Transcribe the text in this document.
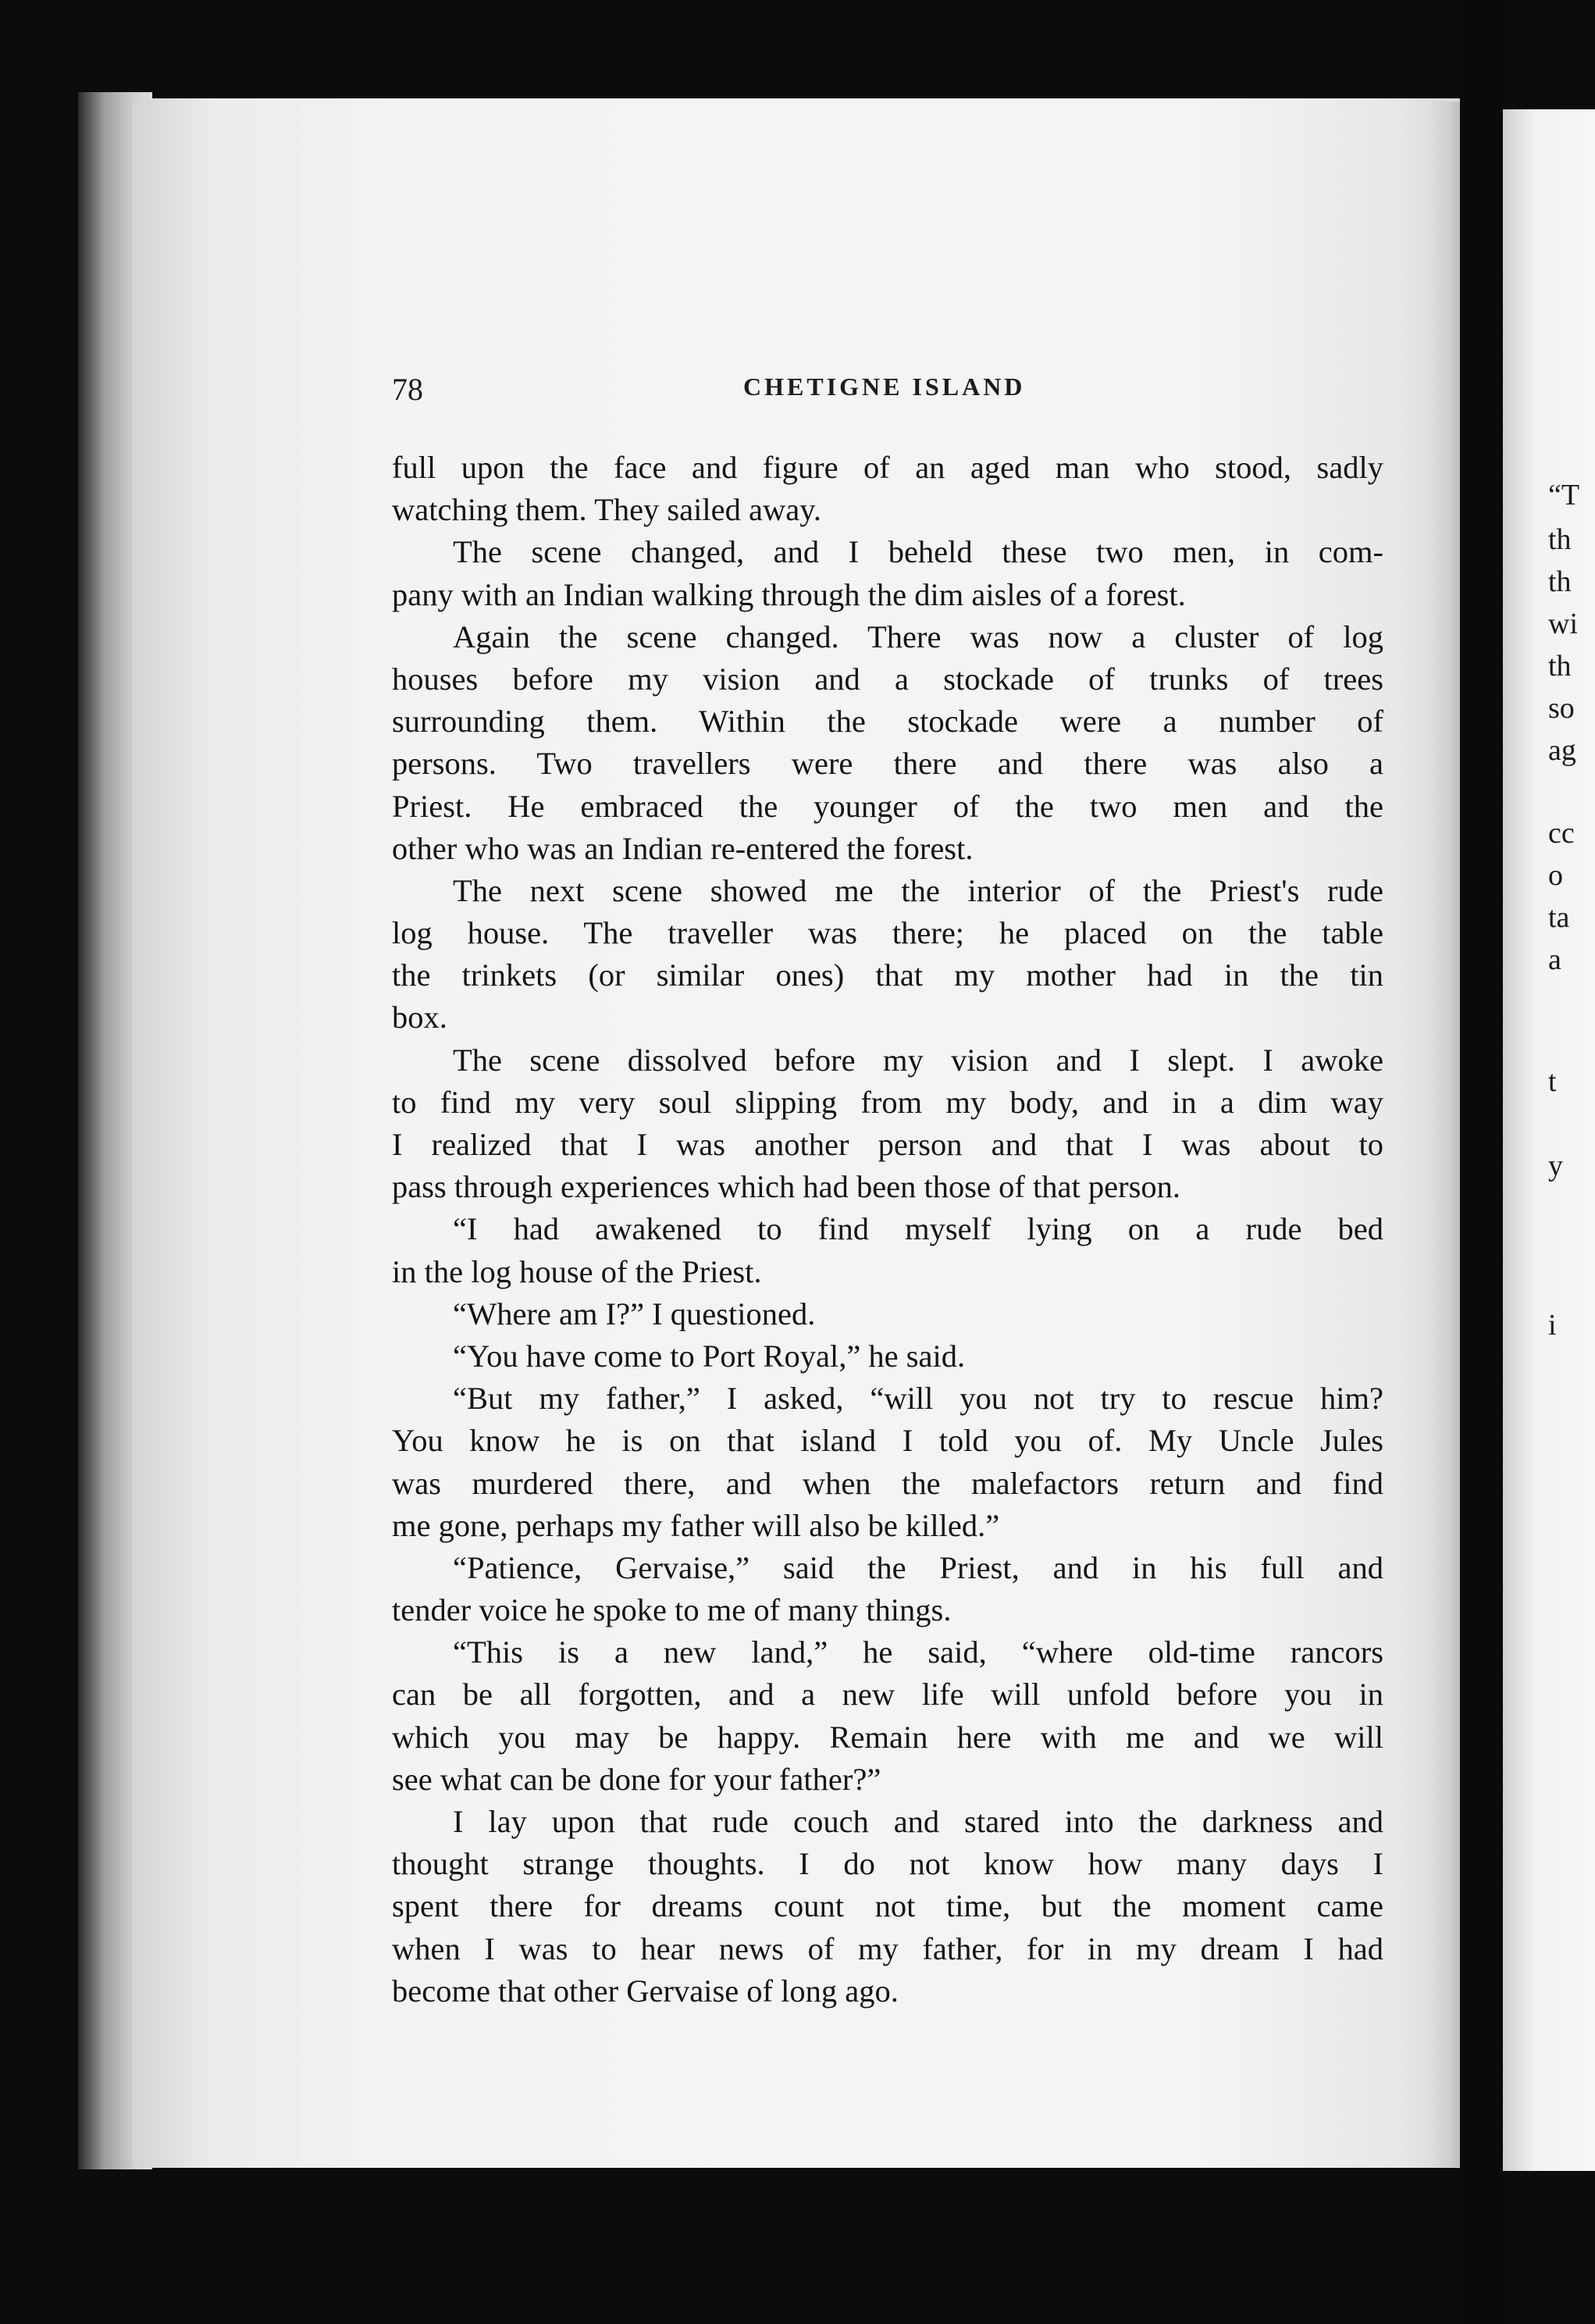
“T
th
th
wi
th
so
ag
cc
o
ta
a
t
y
i
78	CHETIGNE ISLAND
full upon the face and figure of an aged man who stood, sadly
watching them. They sailed away.
The scene changed, and I beheld these two men, in com-
pany with an Indian walking through the dim aisles of a forest.
Again the scene changed. There was now a cluster of log
houses before my vision and a stockade of trunks of trees
surrounding them. Within the stockade were a number of
persons. Two travellers were there and there was also a
Priest. He embraced the younger of the two men and the
other who was an Indian re-entered the forest.
The next scene showed me the interior of the Priest's rude
log house. The traveller was there; he placed on the table
the trinkets (or similar ones) that my mother had in the tin
box.
The scene dissolved before my vision and I slept. I awoke
to find my very soul slipping from my body, and in a dim way
I realized that I was another person and that I was about to
pass through experiences which had been those of that person.
“I had awakened to find myself lying on a rude bed
in the log house of the Priest.
“Where am I?” I questioned.
“You have come to Port Royal,” he said.
“But my father,” I asked, “will you not try to rescue him?
You know he is on that island I told you of. My Uncle Jules
was murdered there, and when the malefactors return and find
me gone, perhaps my father will also be killed.”
“Patience, Gervaise,” said the Priest, and in his full and
tender voice he spoke to me of many things.
“This is a new land,” he said, “where old-time rancors
can be all forgotten, and a new life will unfold before you in
which you may be happy. Remain here with me and we will
see what can be done for your father?”
I lay upon that rude couch and stared into the darkness and
thought strange thoughts. I do not know how many days I
spent there for dreams count not time, but the moment came
when I was to hear news of my father, for in my dream I had
become that other Gervaise of long ago.
